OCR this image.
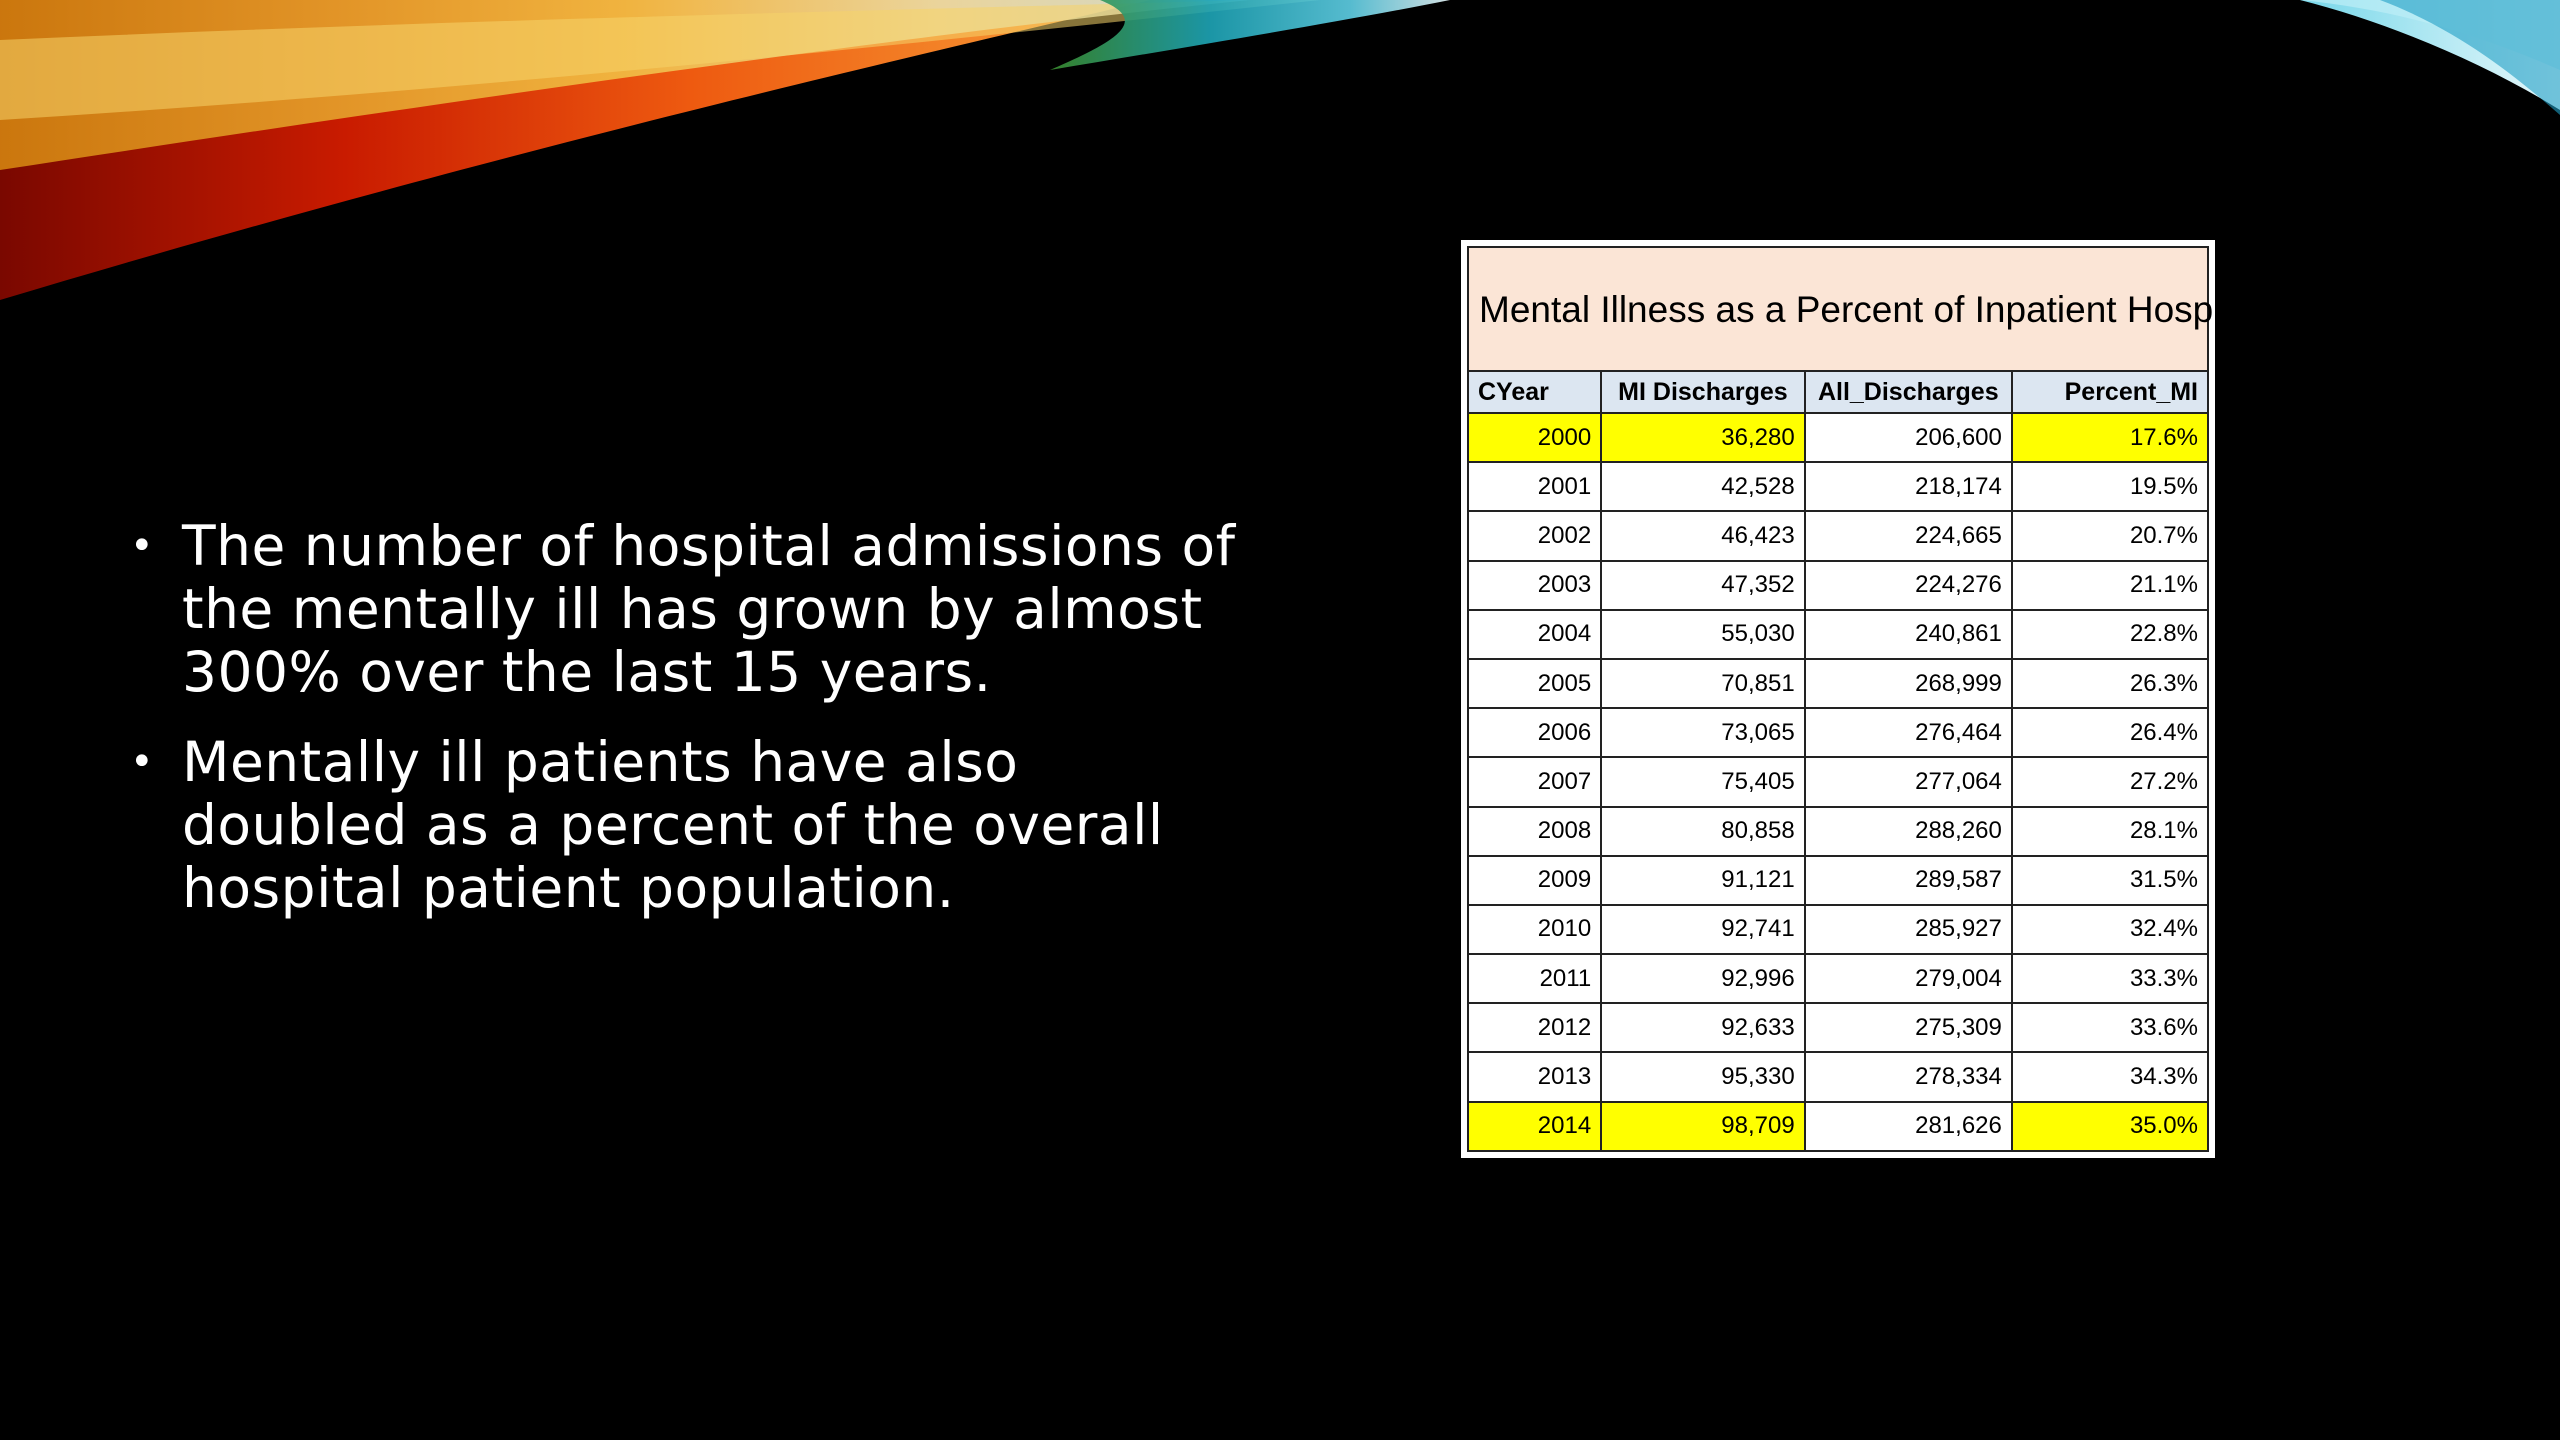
• The number of hospital admissions of the mentally ill has grown by almost 300% over the last 15 years.
• Mentally ill patients have also doubled as a percent of the overall hospital patient population.
Mental Illness as a Percent of Inpatient Hospital Population			
CYear	MI Discharges	All_Discharges	Percent_MI
2000	36,280	206,600	17.6%
2001	42,528	218,174	19.5%
2002	46,423	224,665	20.7%
2003	47,352	224,276	21.1%
2004	55,030	240,861	22.8%
2005	70,851	268,999	26.3%
2006	73,065	276,464	26.4%
2007	75,405	277,064	27.2%
2008	80,858	288,260	28.1%
2009	91,121	289,587	31.5%
2010	92,741	285,927	32.4%
2011	92,996	279,004	33.3%
2012	92,633	275,309	33.6%
2013	95,330	278,334	34.3%
2014	98,709	281,626	35.0%
